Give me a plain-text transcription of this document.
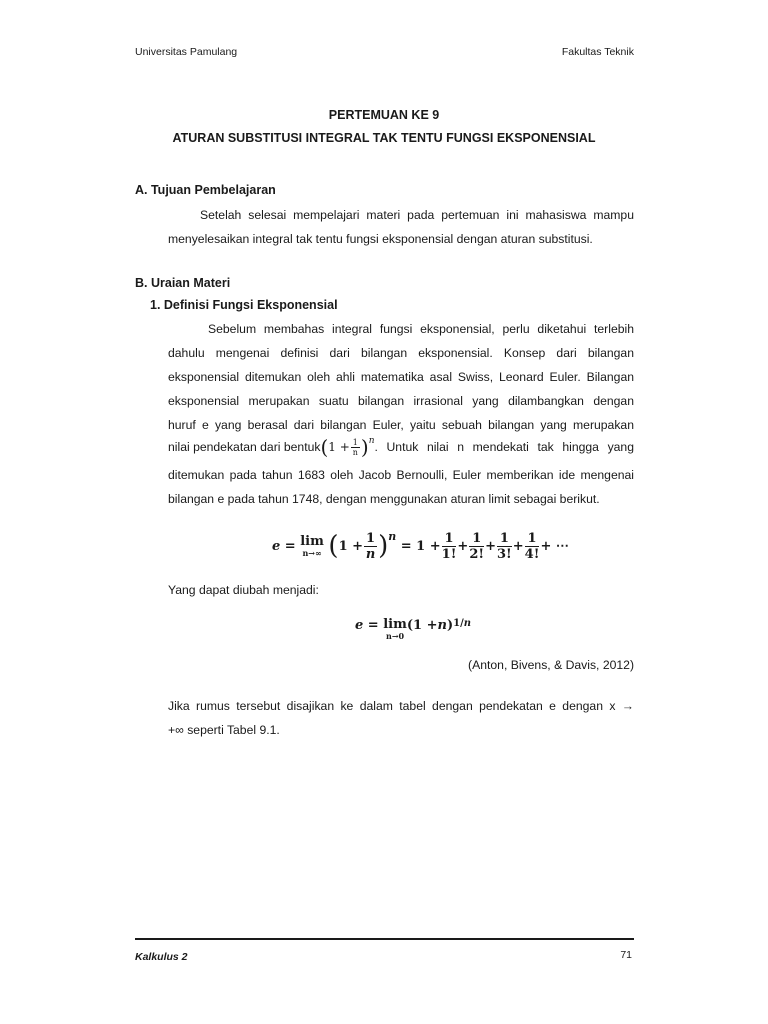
Universitas Pamulang	Fakultas Teknik
PERTEMUAN KE 9
ATURAN SUBSTITUSI INTEGRAL TAK TENTU FUNGSI EKSPONENSIAL
A. Tujuan Pembelajaran
Setelah selesai mempelajari materi pada pertemuan ini mahasiswa mampu
menyelesaikan integral tak tentu fungsi eksponensial dengan aturan substitusi.
B. Uraian Materi
1. Definisi Fungsi Eksponensial
Sebelum membahas integral fungsi eksponensial, perlu diketahui terlebih
dahulu mengenai definisi dari bilangan eksponensial. Konsep dari bilangan
eksponensial ditemukan oleh ahli matematika asal Swiss, Leonard Euler. Bilangan
eksponensial merupakan suatu bilangan irrasional yang dilambangkan dengan
huruf e yang berasal dari bilangan Euler, yaitu sebuah bilangan yang merupakan
nilai pendekatan dari bentuk ( $1 + \frac{1}{n} )^n$ . Untuk nilai n mendekati tak hingga yang
ditemukan pada tahun 1683 oleh Jacob Bernoulli, Euler memberikan ide mengenai
bilangan e pada tahun 1748, dengan menggunakan aturan limit sebagai berikut.
e = lim
n→∞
( $1 + \frac{1}{n} )^n$
= $1 + \frac{1}{1!} + \frac{1}{2!} + \frac{1}{3!} + \frac{1}{4!}$ + ⋯
Yang dapat diubah menjadi:
e = lim
n→0
(1 + n ) 1/n
(Anton, Bivens, & Davis, 2012)
Jika rumus tersebut disajikan ke dalam tabel dengan pendekatan e dengan x →
+∞ seperti Tabel 9.1.
Kalkulus 2	71
